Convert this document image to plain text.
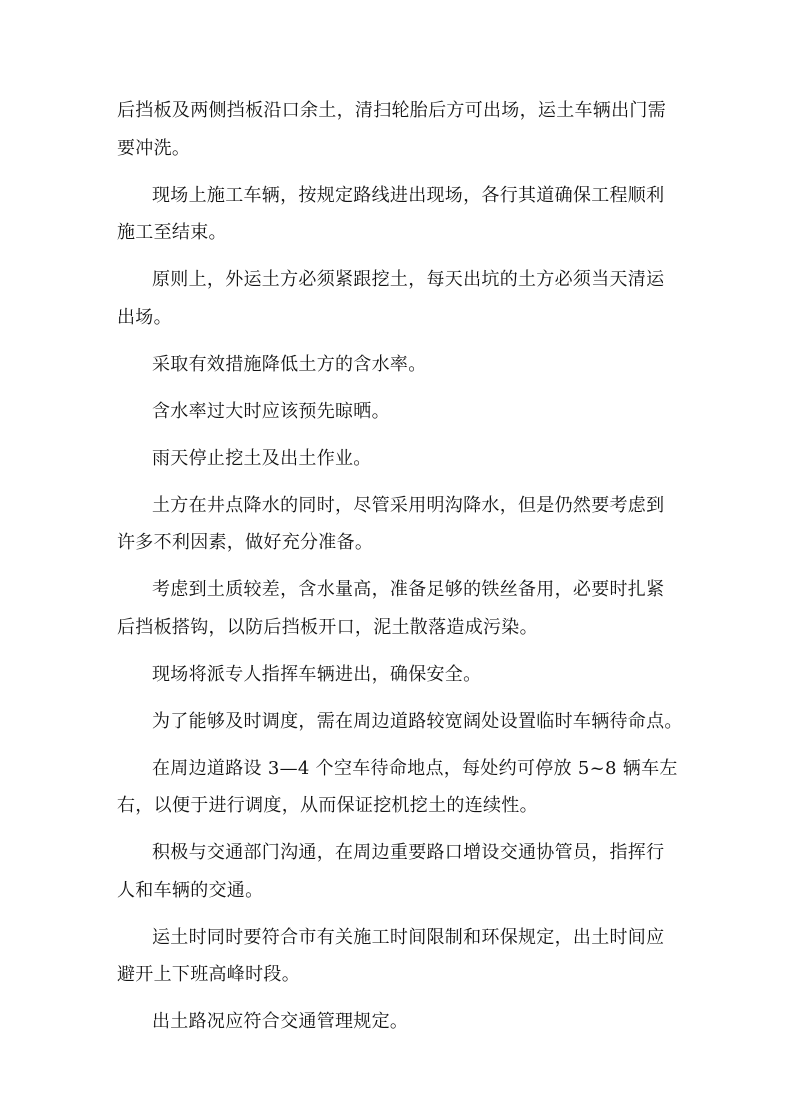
后挡板及两侧挡板沿口余土，清扫轮胎后方可出场，运土车辆出门需
要冲洗。
现场上施工车辆，按规定路线进出现场，各行其道确保工程顺利
施工至结束。
原则上，外运土方必须紧跟挖土，每天出坑的土方必须当天清运
出场。
采取有效措施降低土方的含水率。
含水率过大时应该预先晾晒。
雨天停止挖土及出土作业。
土方在井点降水的同时，尽管采用明沟降水，但是仍然要考虑到
许多不利因素，做好充分准备。
考虑到土质较差，含水量高，准备足够的铁丝备用，必要时扎紧
后挡板搭钩，以防后挡板开口，泥土散落造成污染。
现场将派专人指挥车辆进出，确保安全。
为了能够及时调度，需在周边道路较宽阔处设置临时车辆待命点。
在周边道路设 3—4 个空车待命地点，每处约可停放 5~8 辆车左
右，以便于进行调度，从而保证挖机挖土的连续性。
积极与交通部门沟通，在周边重要路口增设交通协管员，指挥行
人和车辆的交通。
运土时同时要符合市有关施工时间限制和环保规定，出土时间应
避开上下班高峰时段。
出土路况应符合交通管理规定。
